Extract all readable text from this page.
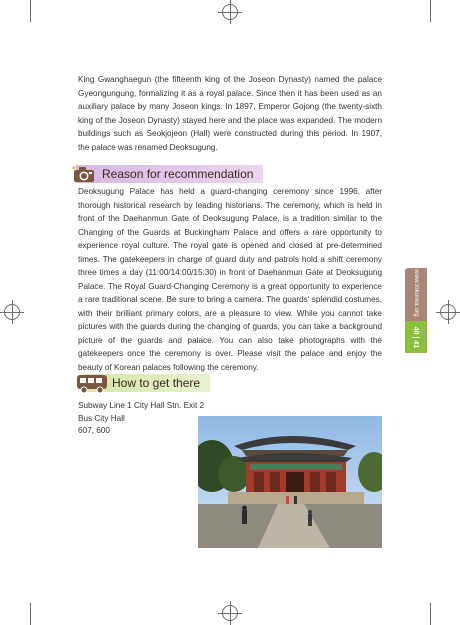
King Gwanghaegun (the fifteenth king of the Joseon Dynasty) named the palace Gyeongungung, formalizing it as a royal palace. Since then it has been used as an auxiliary palace by many Joseon kings. In 1897, Emperor Gojong (the twenty-sixth king of the Joseon Dynasty) stayed here and the place was expanded. The modern buildings such as Seokjojeon (Hall) were constructed during this period. In 1907, the palace was renamed Deoksugung.

Reason for recommendation

Deoksugung Palace has held a guard-changing ceremony since 1996, after thorough historical research by leading historians. The ceremony, which is held in front of the Daehanmun Gate of Deoksugung Palace, is a tradition similar to the Changing of the Guards at Buckingham Palace and offers a rare opportunity to experience royal culture. The royal gate is opened and closed at pre-determined times. The gatekeepers in charge of guard duty and patrols hold a shift ceremony three times a day (11:00/14:00/15:30) in front of Daehanmun Gate at Deoksugung Palace. The Royal Guard-Changing Ceremony is a great opportunity to experience a rare traditional scene. Be sure to bring a camera. The guards' splendid costumes, with their brilliant primary colors, are a pleasure to view. While you cannot take pictures with the guards during the changing of guards, you can take a background picture of the guards and palace. You can also take photographs with the gatekeepers once the ceremony is over. Please visit the palace and enjoy the beauty of Korean palaces following the ceremony.

How to get there
Subway Line 1 City Hall Stn. Exit 2
Bus City Hall
607, 600
www.tokorea.org
40 | 41
